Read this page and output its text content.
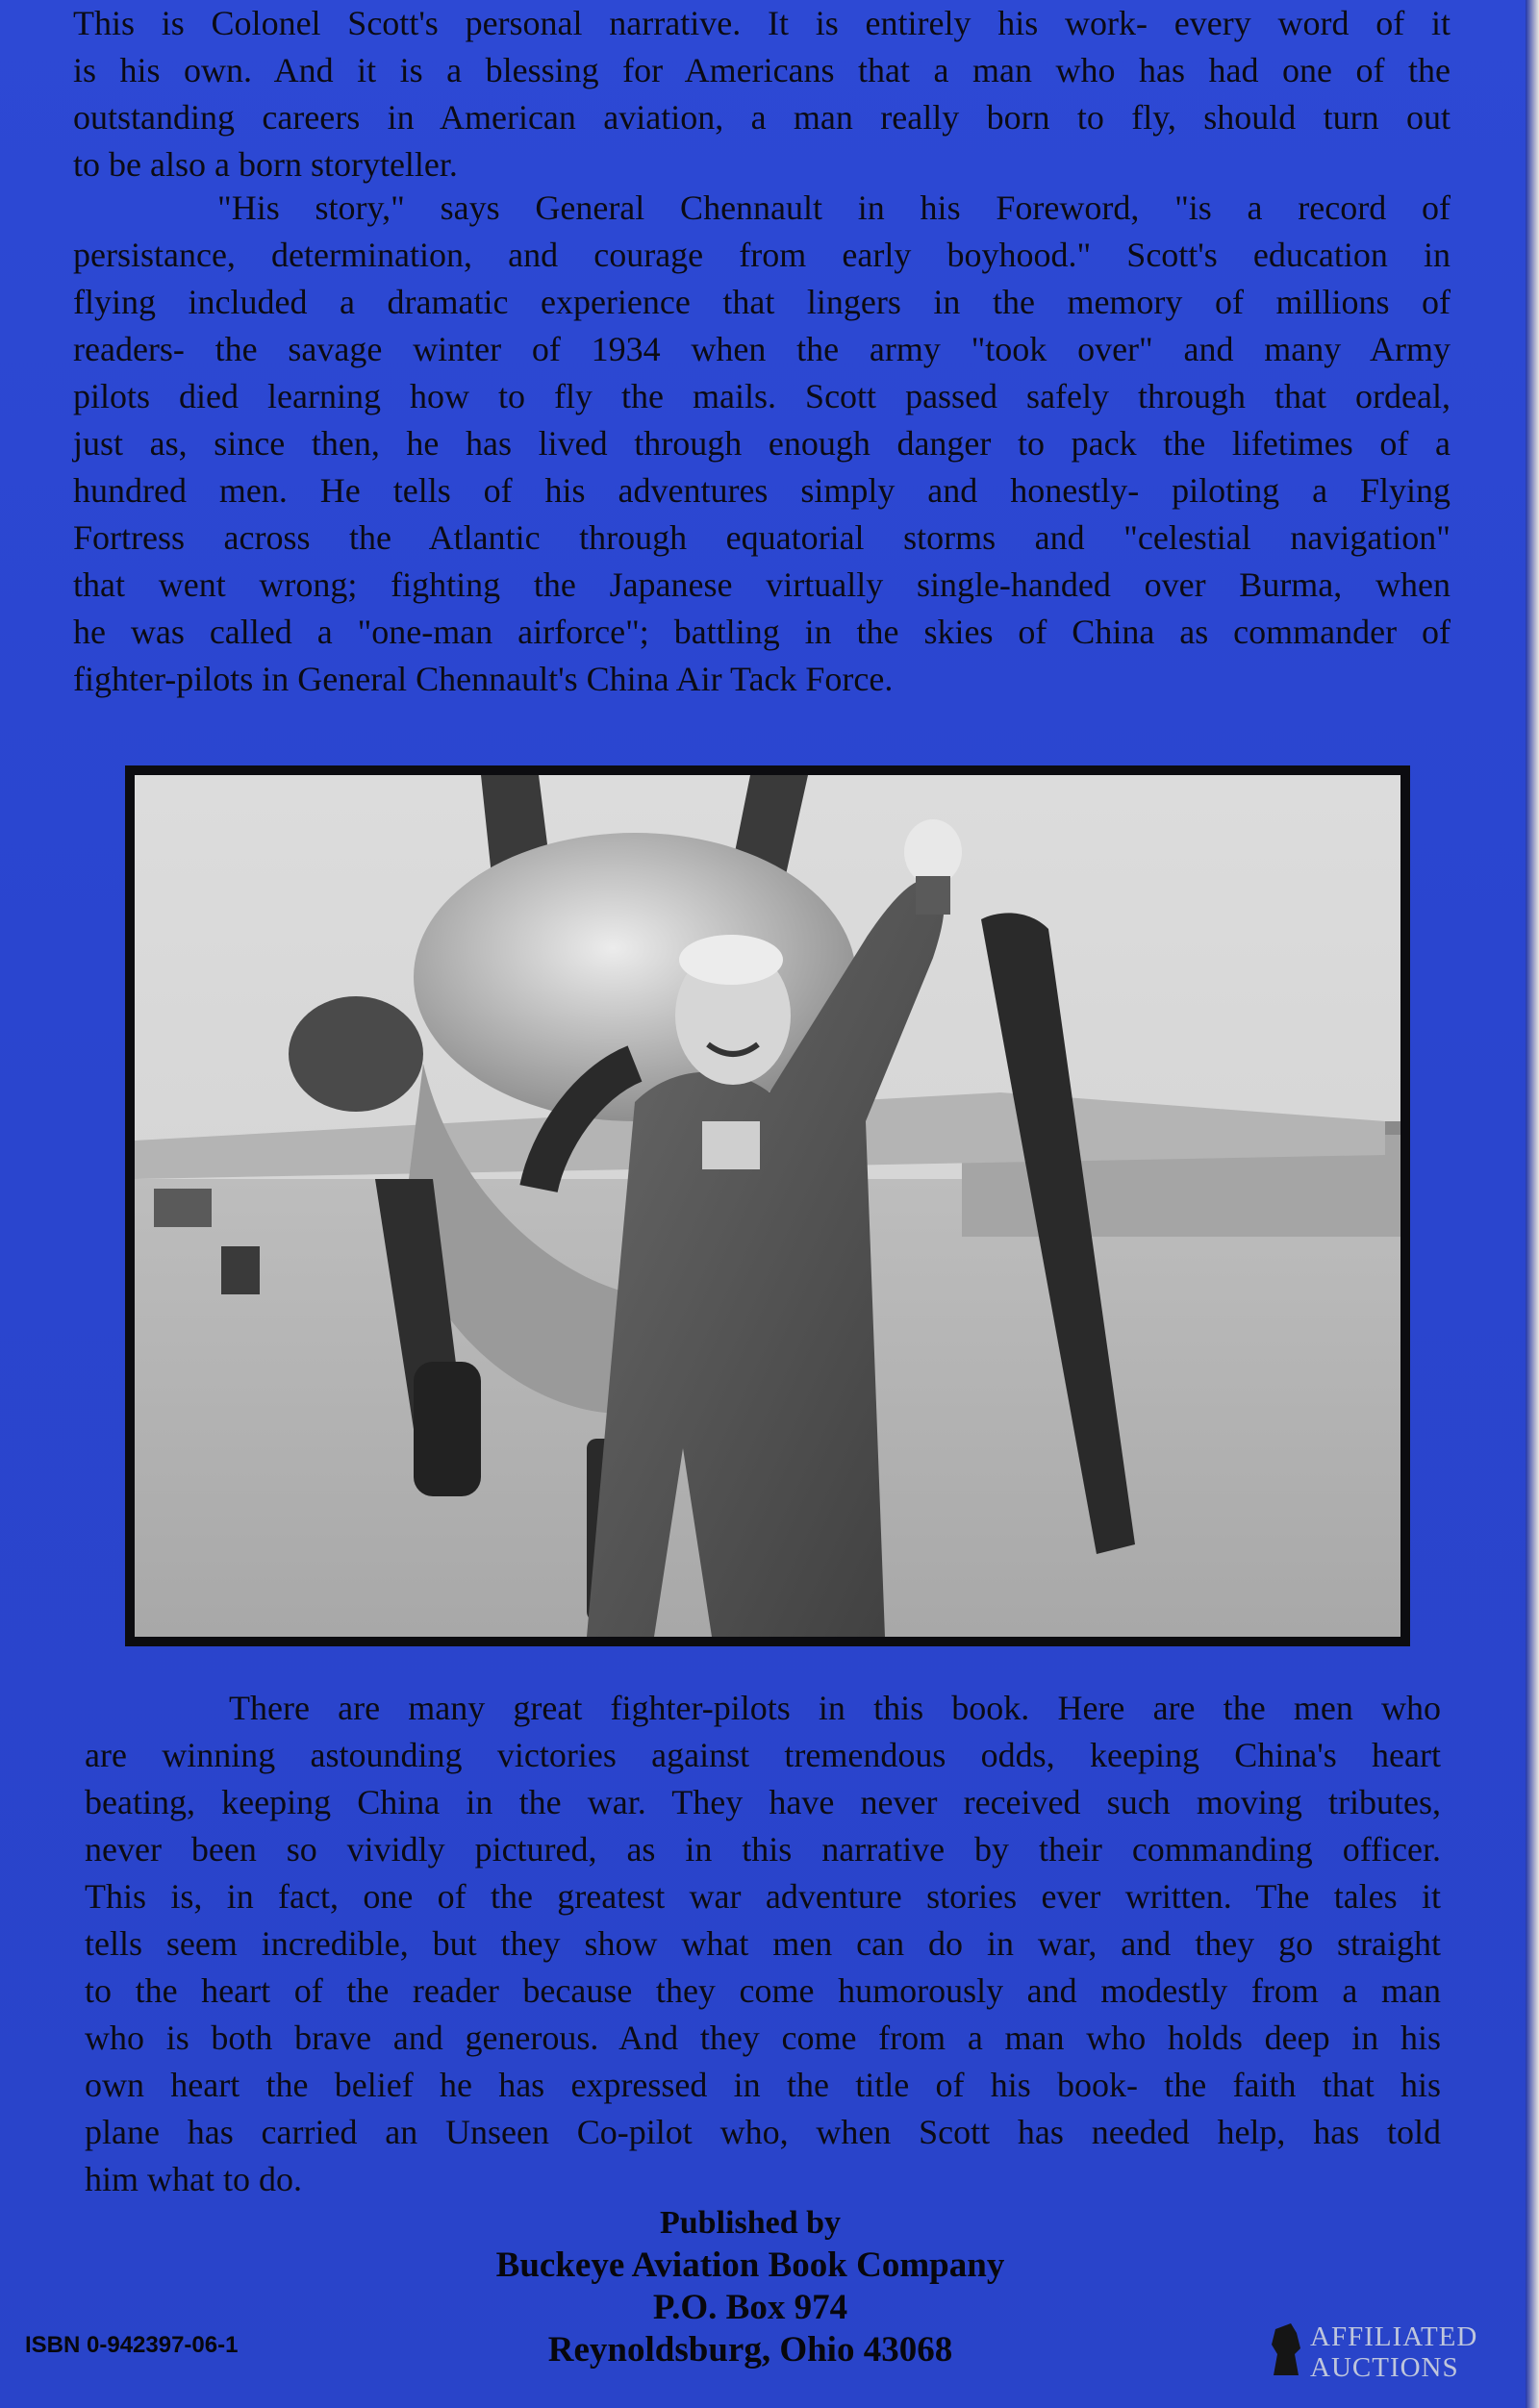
This is Colonel Scott's personal narrative. It is entirely his work- every word of it
is his own. And it is a blessing for Americans that a man who has had one of the
outstanding careers in American aviation, a man really born to fly, should turn out
to be also a born storyteller.

"His story," says General Chennault in his Foreword, "is a record of
persistance, determination, and courage from early boyhood." Scott's education in
flying included a dramatic experience that lingers in the memory of millions of
readers- the savage winter of 1934 when the army "took over" and many Army
pilots died learning how to fly the mails. Scott passed safely through that ordeal,
just as, since then, he has lived through enough danger to pack the lifetimes of a
hundred men. He tells of his adventures simply and honestly- piloting a Flying
Fortress across the Atlantic through equatorial storms and "celestial navigation"
that went wrong; fighting the Japanese virtually single-handed over Burma, when
he was called a "one-man airforce"; battling in the skies of China as commander of
fighter-pilots in General Chennault's China Air Tack Force.

There are many great fighter-pilots in this book. Here are the men who
are winning astounding victories against tremendous odds, keeping China's heart
beating, keeping China in the war. They have never received such moving tributes,
never been so vividly pictured, as in this narrative by their commanding officer.
This is, in fact, one of the greatest war adventure stories ever written. The tales it
tells seem incredible, but they show what men can do in war, and they go straight
to the heart of the reader because they come humorously and modestly from a man
who is both brave and generous. And they come from a man who holds deep in his
own heart the belief he has expressed in the title of his book- the faith that his
plane has carried an Unseen Co-pilot who, when Scott has needed help, has told
him what to do.

Published by
Buckeye Aviation Book Company
P.O. Box 974
Reynoldsburg, Ohio 43068
ISBN 0-942397-06-1	AFFILIATED
AUCTIONS
